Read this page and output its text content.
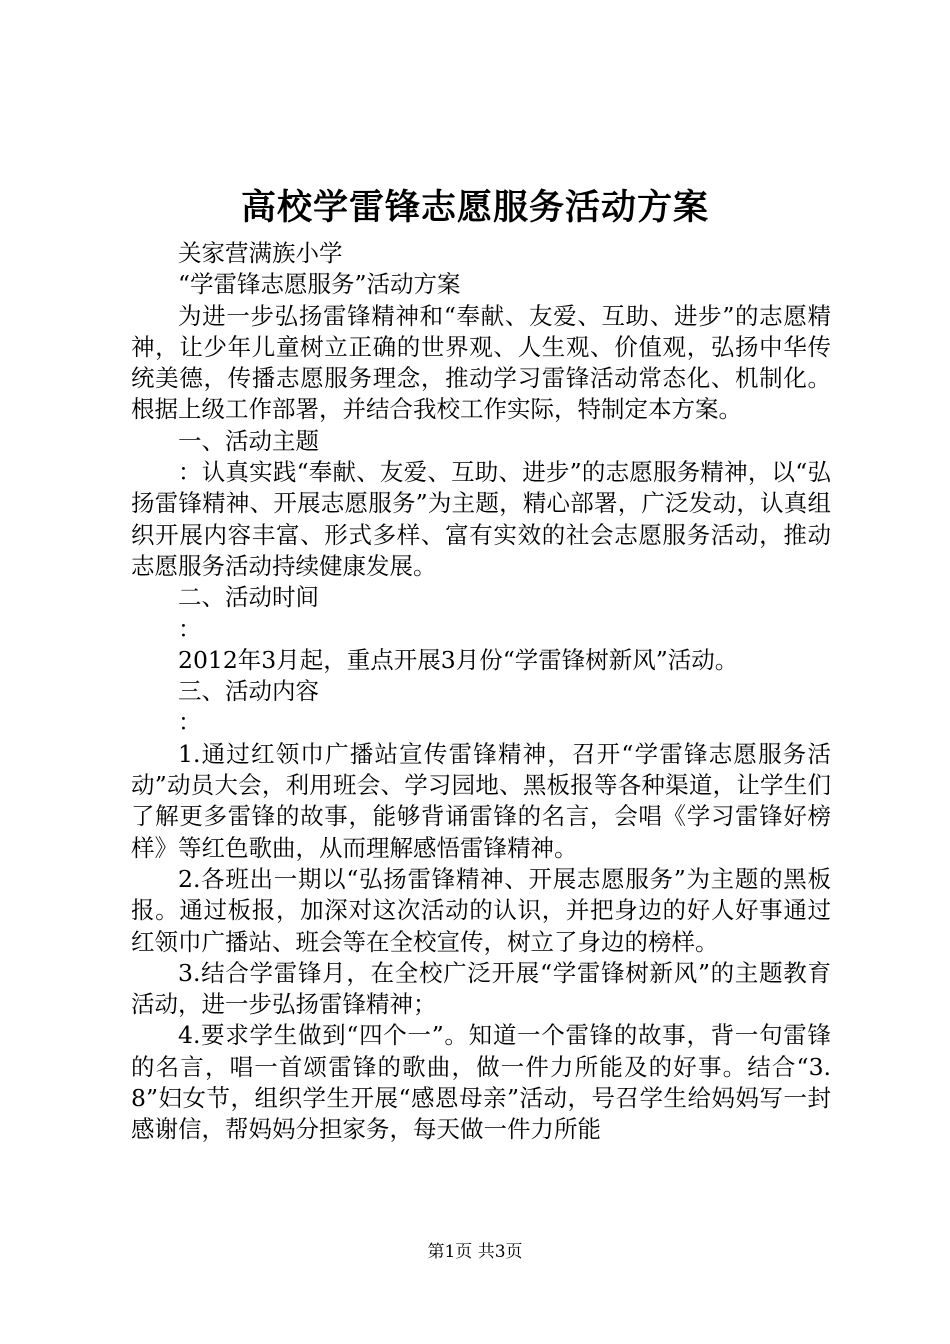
高校学雷锋志愿服务活动方案

关家营满族小学

“学雷锋志愿服务”活动方案

为进一步弘扬雷锋精神和“奉献、友爱、互助、进步”的志愿精神，让少年儿童树立正确的世界观、人生观、价值观，弘扬中华传统美德，传播志愿服务理念，推动学习雷锋活动常态化、机制化。根据上级工作部署，并结合我校工作实际，特制定本方案。

一、活动主题

：认真实践“奉献、友爱、互助、进步”的志愿服务精神，以“弘扬雷锋精神、开展志愿服务”为主题，精心部署，广泛发动，认真组织开展内容丰富、形式多样、富有实效的社会志愿服务活动，推动志愿服务活动持续健康发展。

二、活动时间

：

2012年3月起，重点开展3月份“学雷锋树新风”活动。

三、活动内容

：

1.通过红领巾广播站宣传雷锋精神，召开“学雷锋志愿服务活动”动员大会，利用班会、学习园地、黑板报等各种渠道，让学生们了解更多雷锋的故事，能够背诵雷锋的名言，会唱《学习雷锋好榜样》等红色歌曲，从而理解感悟雷锋精神。

2.各班出一期以“弘扬雷锋精神、开展志愿服务”为主题的黑板报。通过板报，加深对这次活动的认识，并把身边的好人好事通过红领巾广播站、班会等在全校宣传，树立了身边的榜样。

3.结合学雷锋月，在全校广泛开展“学雷锋树新风”的主题教育活动，进一步弘扬雷锋精神；

4.要求学生做到“四个一”。知道一个雷锋的故事，背一句雷锋的名言，唱一首颂雷锋的歌曲，做一件力所能及的好事。结合“3.8”妇女节，组织学生开展“感恩母亲”活动，号召学生给妈妈写一封感谢信，帮妈妈分担家务，每天做一件力所能

第1页 共3页
